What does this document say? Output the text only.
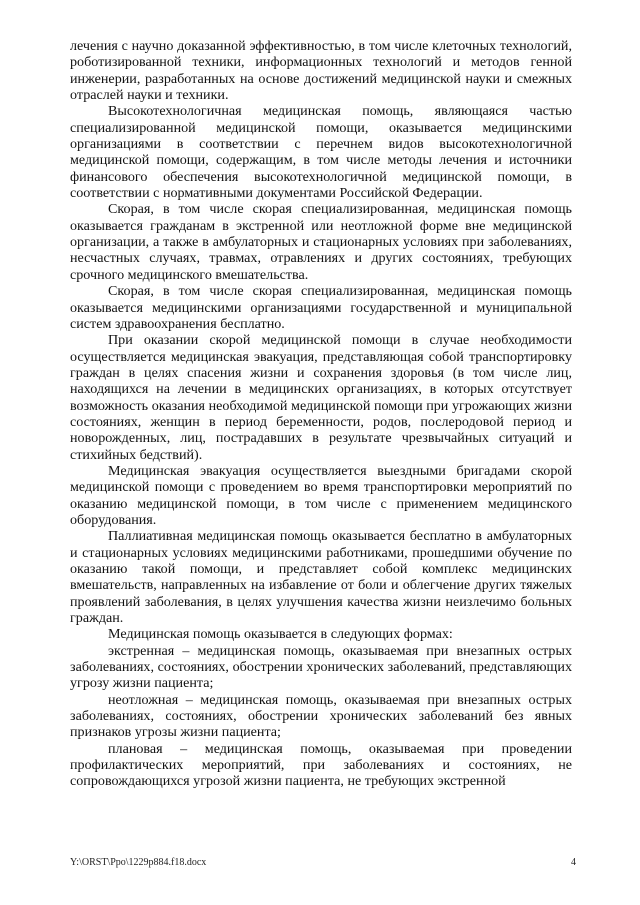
лечения с научно доказанной эффективностью, в том числе клеточных технологий, роботизированной техники, информационных технологий и методов генной инженерии, разработанных на основе достижений медицинской науки и смежных отраслей науки и техники.

Высокотехнологичная медицинская помощь, являющаяся частью специализированной медицинской помощи, оказывается медицинскими организациями в соответствии с перечнем видов высокотехнологичной медицинской помощи, содержащим, в том числе методы лечения и источники финансового обеспечения высокотехнологичной медицинской помощи, в соответствии с нормативными документами Российской Федерации.

Скорая, в том числе скорая специализированная, медицинская помощь оказывается гражданам в экстренной или неотложной форме вне медицинской организации, а также в амбулаторных и стационарных условиях при заболеваниях, несчастных случаях, травмах, отравлениях и других состояниях, требующих срочного медицинского вмешательства.

Скорая, в том числе скорая специализированная, медицинская помощь оказывается медицинскими организациями государственной и муниципальной систем здравоохранения бесплатно.

При оказании скорой медицинской помощи в случае необходимости осуществляется медицинская эвакуация, представляющая собой транспортировку граждан в целях спасения жизни и сохранения здоровья (в том числе лиц, находящихся на лечении в медицинских организациях, в которых отсутствует возможность оказания необходимой медицинской помощи при угрожающих жизни состояниях, женщин в период беременности, родов, послеродовой период и новорожденных, лиц, пострадавших в результате чрезвычайных ситуаций и стихийных бедствий).

Медицинская эвакуация осуществляется выездными бригадами скорой медицинской помощи с проведением во время транспортировки мероприятий по оказанию медицинской помощи, в том числе с применением медицинского оборудования.

Паллиативная медицинская помощь оказывается бесплатно в амбулаторных и стационарных условиях медицинскими работниками, прошедшими обучение по оказанию такой помощи, и представляет собой комплекс медицинских вмешательств, направленных на избавление от боли и облегчение других тяжелых проявлений заболевания, в целях улучшения качества жизни неизлечимо больных граждан.

Медицинская помощь оказывается в следующих формах:

экстренная – медицинская помощь, оказываемая при внезапных острых заболеваниях, состояниях, обострении хронических заболеваний, представляющих угрозу жизни пациента;

неотложная – медицинская помощь, оказываемая при внезапных острых заболеваниях, состояниях, обострении хронических заболеваний без явных признаков угрозы жизни пациента;

плановая – медицинская помощь, оказываемая при проведении профилактических мероприятий, при заболеваниях и состояниях, не сопровождающихся угрозой жизни пациента, не требующих экстренной

Y:\ORST\Ppo\1229p884.f18.docx	4
